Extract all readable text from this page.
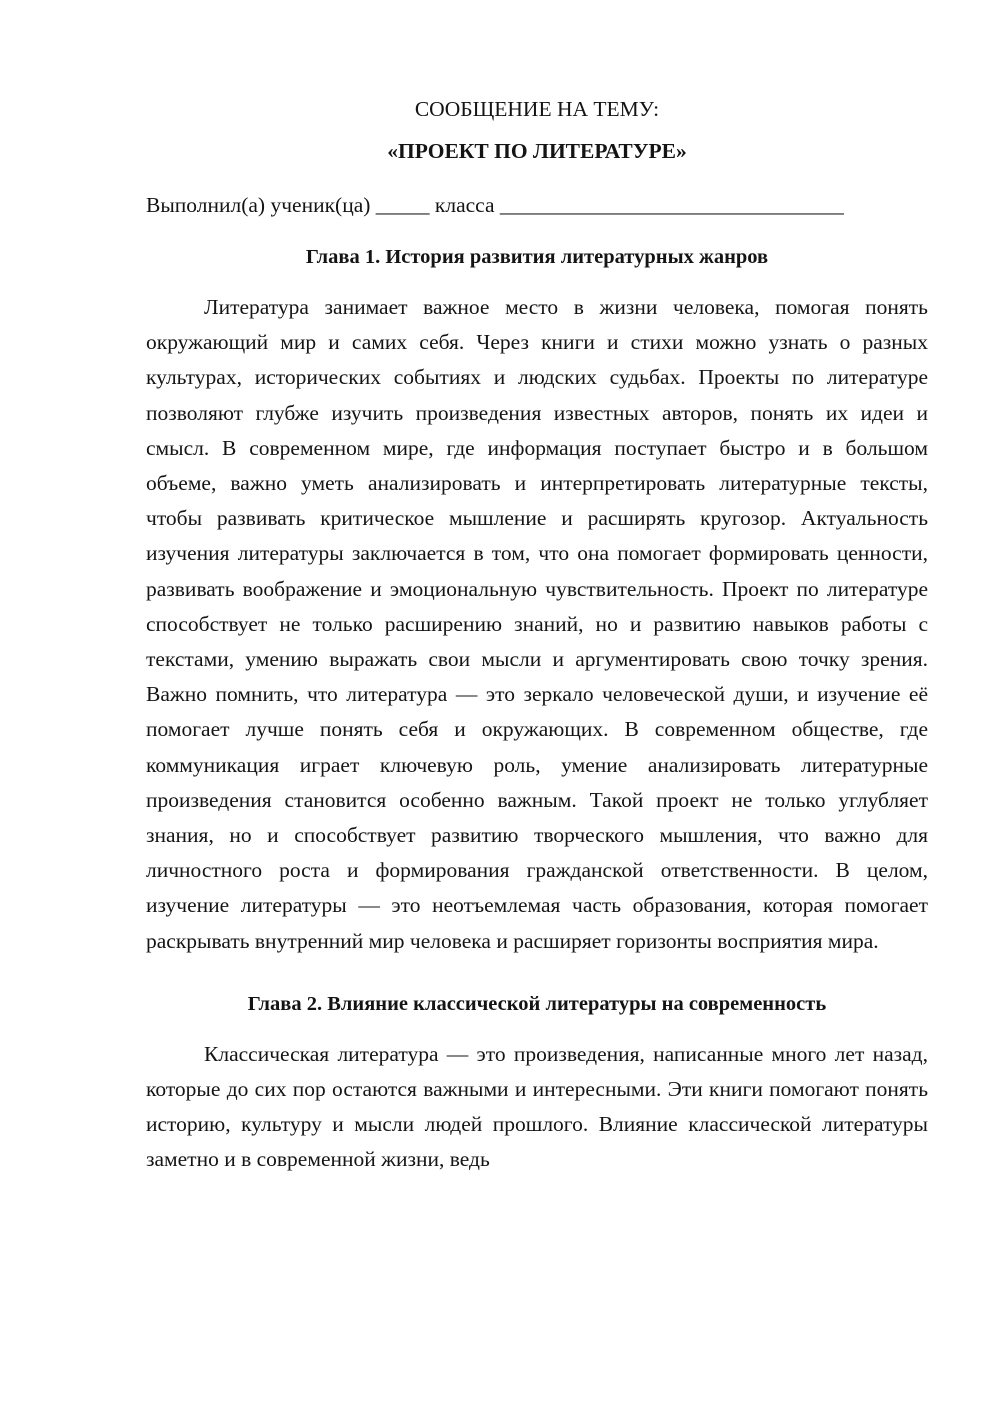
СООБЩЕНИЕ НА ТЕМУ:

«ПРОЕКТ ПО ЛИТЕРАТУРЕ»

Выполнил(а) ученик(ца) _____ класса ________________________________

Глава 1. История развития литературных жанров

Литература занимает важное место в жизни человека, помогая понять окружающий мир и самих себя. Через книги и стихи можно узнать о разных культурах, исторических событиях и людских судьбах. Проекты по литературе позволяют глубже изучить произведения известных авторов, понять их идеи и смысл. В современном мире, где информация поступает быстро и в большом объеме, важно уметь анализировать и интерпретировать литературные тексты, чтобы развивать критическое мышление и расширять кругозор. Актуальность изучения литературы заключается в том, что она помогает формировать ценности, развивать воображение и эмоциональную чувствительность. Проект по литературе способствует не только расширению знаний, но и развитию навыков работы с текстами, умению выражать свои мысли и аргументировать свою точку зрения. Важно помнить, что литература — это зеркало человеческой души, и изучение её помогает лучше понять себя и окружающих. В современном обществе, где коммуникация играет ключевую роль, умение анализировать литературные произведения становится особенно важным. Такой проект не только углубляет знания, но и способствует развитию творческого мышления, что важно для личностного роста и формирования гражданской ответственности. В целом, изучение литературы — это неотъемлемая часть образования, которая помогает раскрывать внутренний мир человека и расширяет горизонты восприятия мира.

Глава 2. Влияние классической литературы на современность

Классическая литература — это произведения, написанные много лет назад, которые до сих пор остаются важными и интересными. Эти книги помогают понять историю, культуру и мысли людей прошлого. Влияние классической литературы заметно и в современной жизни, ведь
